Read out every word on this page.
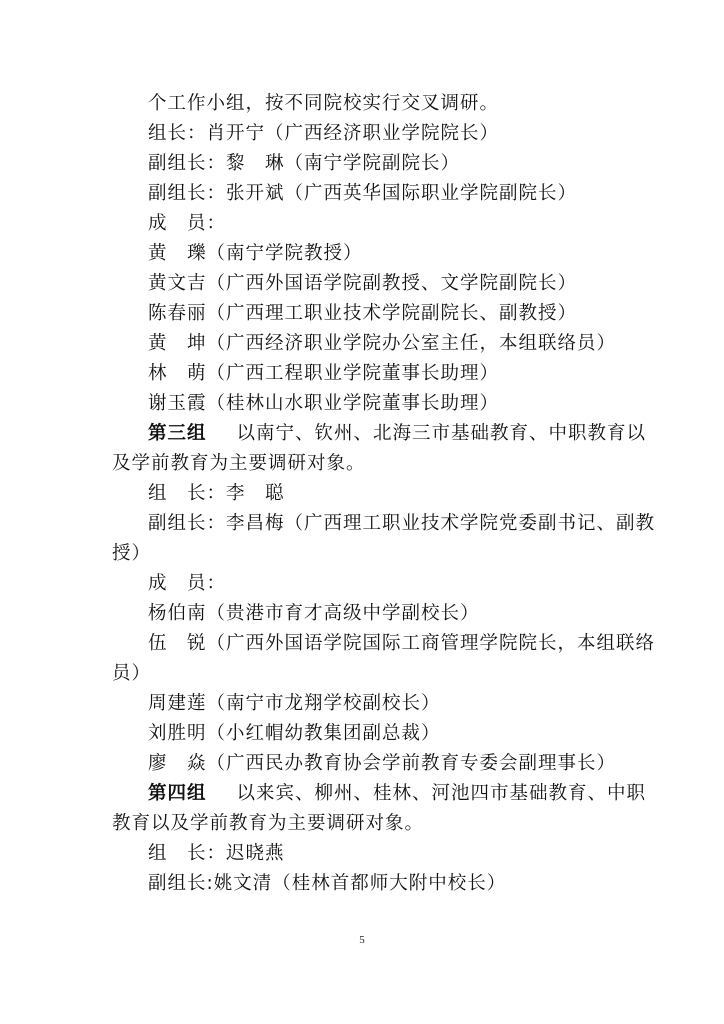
个工作小组，按不同院校实行交叉调研。
组长：肖开宁（广西经济职业学院院长）
副组长：黎　琳（南宁学院副院长）
副组长：张开斌（广西英华国际职业学院副院长）
成　员：
黄　瓅（南宁学院教授）
黄文吉（广西外国语学院副教授、文学院副院长）
陈春丽（广西理工职业技术学院副院长、副教授）
黄　坤（广西经济职业学院办公室主任，本组联络员）
林　萌（广西工程职业学院董事长助理）
谢玉霞（桂林山水职业学院董事长助理）
第三组 以南宁、钦州、北海三市基础教育、中职教育以
及学前教育为主要调研对象。
组　长：李　聪
副组长：李昌梅（广西理工职业技术学院党委副书记、副教
授）
成　员：
杨伯南（贵港市育才高级中学副校长）
伍　锐（广西外国语学院国际工商管理学院院长，本组联络
员）
周建莲（南宁市龙翔学校副校长）
刘胜明（小红帽幼教集团副总裁）
廖　焱（广西民办教育协会学前教育专委会副理事长）
第四组 以来宾、柳州、桂林、河池四市基础教育、中职
教育以及学前教育为主要调研对象。
组　长：迟晓燕
副组长:姚文清（桂林首都师大附中校长）
5
